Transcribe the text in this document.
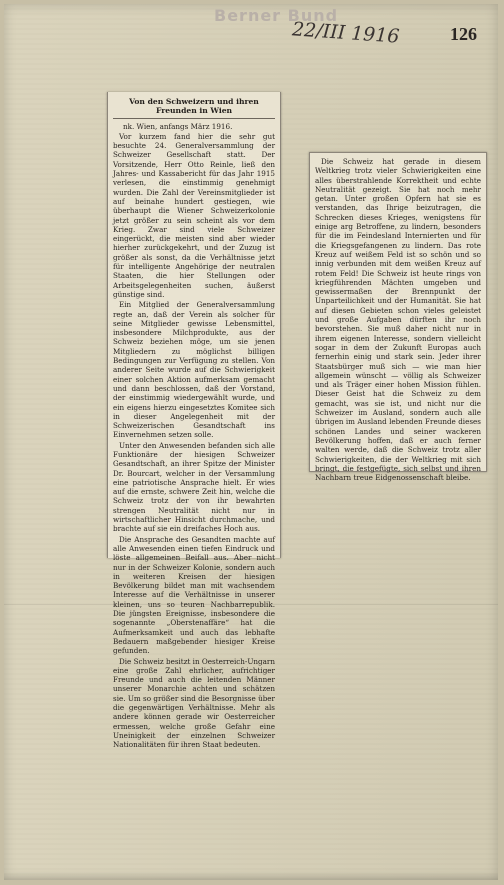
Berner Bund
22/III 1916	126
Von den Schweizern und ihren Freunden in Wien
nk. Wien, anfangs März 1916.

Vor kurzem fand hier die sehr gut besuchte 24. Generalversammlung der Schweizer Gesellschaft statt. Der Vorsitzende, Herr Otto Reinle, ließ den Jahres- und Kassabericht für das Jahr 1915 verlesen, die einstimmig genehmigt wurden. Die Zahl der Vereinsmitglieder ist auf beinahe hundert gestiegen, wie überhaupt die Wiener Schweizerkolonie jetzt größer zu sein scheint als vor dem Krieg. Zwar sind viele Schweizer eingerückt, die meisten sind aber wieder hierher zurückgekehrt, und der Zuzug ist größer als sonst, da die Verhältnisse jetzt für intelligente Angehörige der neutralen Staaten, die hier Stellungen oder Arbeitsgelegenheiten suchen, äußerst günstige sind.

Ein Mitglied der Generalversammlung regte an, daß der Verein als solcher für seine Mitglieder gewisse Lebensmittel, insbesondere Milchprodukte, aus der Schweiz beziehen möge, um sie jenen Mitgliedern zu möglichst billigen Bedingungen zur Verfügung zu stellen. Von anderer Seite wurde auf die Schwierigkeit einer solchen Aktion aufmerksam gemacht und dann beschlossen, daß der Vorstand, der einstimmig wiedergewählt wurde, und ein eigens hierzu eingesetztes Komitee sich in dieser Angelegenheit mit der Schweizerischen Gesandtschaft ins Einvernehmen setzen solle.

Unter den Anwesenden befanden sich alle Funktionäre der hiesigen Schweizer Gesandtschaft, an ihrer Spitze der Minister Dr. Bourcart, welcher in der Versammlung eine patriotische Ansprache hielt. Er wies auf die ernste, schwere Zeit hin, welche die Schweiz trotz der von ihr bewahrten strengen Neutralität nicht nur in wirtschaftlicher Hinsicht durchmache, und brachte auf sie ein dreifaches Hoch aus.

Die Ansprache des Gesandten machte auf alle Anwesenden einen tiefen Eindruck und löste allgemeinen Beifall aus. Aber nicht nur in der Schweizer Kolonie, sondern auch in weiteren Kreisen der hiesigen Bevölkerung bildet man mit wachsendem Interesse auf die Verhältnisse in unserer kleinen, uns so teuren Nachbarrepublik. Die jüngsten Ereignisse, insbesondere die sogenannte „Oberstenaffäre“ hat die Aufmerksamkeit und auch das lebhafte Bedauern maßgebender hiesiger Kreise gefunden.

Die Schweiz besitzt in Oesterreich-Ungarn eine große Zahl ehrlicher, aufrichtiger Freunde und auch die leitenden Männer unserer Monarchie achten und schätzen sie. Um so größer sind die Besorgnisse über die gegenwärtigen Verhältnisse. Mehr als andere können gerade wir Oesterreicher ermessen, welche große Gefahr eine Uneinigkeit der einzelnen Schweizer Nationalitäten für ihren Staat bedeuten.

Die Schweiz hat gerade in diesem Weltkrieg trotz vieler Schwierigkeiten eine alles überstrahlende Korrektheit und echte Neutralität gezeigt. Sie hat noch mehr getan. Unter großen Opfern hat sie es verstanden, das Ihrige beizutragen, die Schrecken dieses Krieges, wenigstens für einige arg Betroffene, zu lindern, besonders für die im Feindesland Internierten und für die Kriegsgefangenen zu lindern. Das rote Kreuz auf weißem Feld ist so schön und so innig verbunden mit dem weißen Kreuz auf rotem Feld! Die Schweiz ist heute rings von kriegführenden Mächten umgeben und gewissermaßen der Brennpunkt der Unparteilichkeit und der Humanität. Sie hat auf diesen Gebieten schon vieles geleistet und große Aufgaben dürften ihr noch bevorstehen. Sie muß daher nicht nur in ihrem eigenen Interesse, sondern vielleicht sogar in dem der Zukunft Europas auch fernerhin einig und stark sein. Jeder ihrer Staatsbürger muß sich — wie man hier allgemein wünscht — völlig als Schweizer und als Träger einer hohen Mission fühlen. Dieser Geist hat die Schweiz zu dem gemacht, was sie ist, und nicht nur die Schweizer im Ausland, sondern auch alle übrigen im Ausland lebenden Freunde dieses schönen Landes und seiner wackeren Bevölkerung hoffen, daß er auch ferner walten werde, daß die Schweiz trotz aller Schwierigkeiten, die der Weltkrieg mit sich bringt, die festgefügte, sich selbst und ihren Nachbarn treue Eidgenossenschaft bleibe.
